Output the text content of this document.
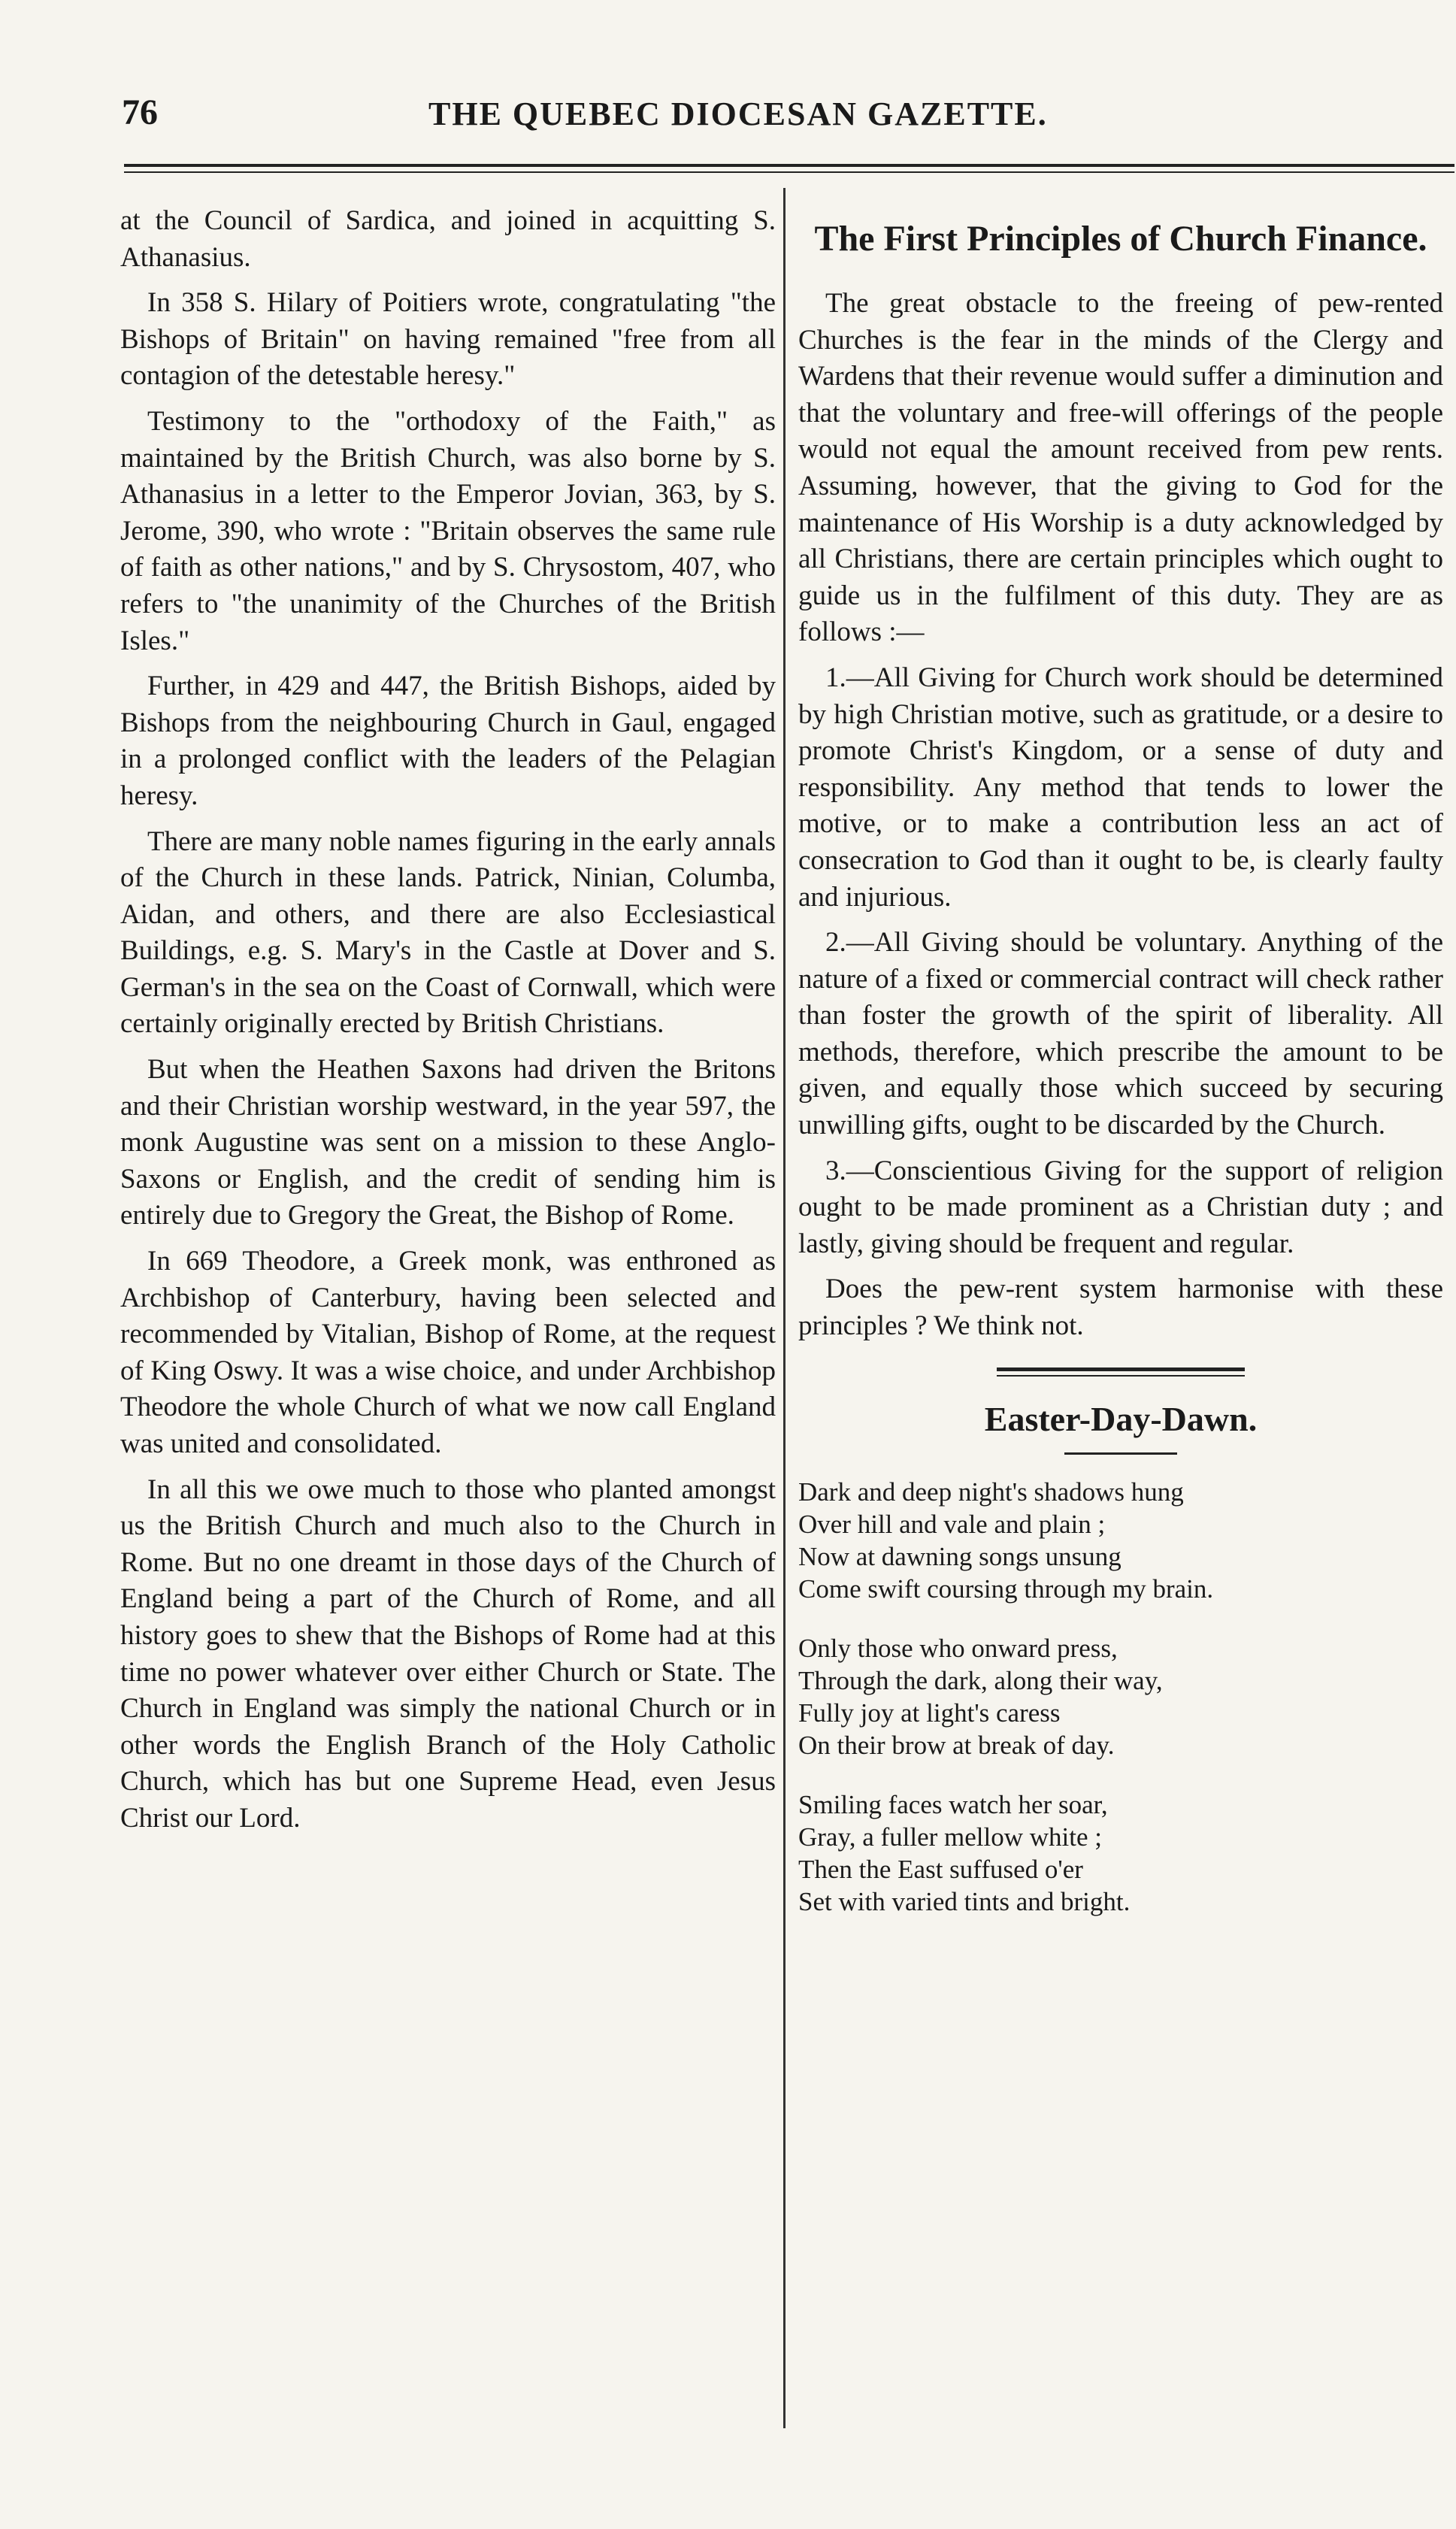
76	THE QUEBEC DIOCESAN GAZETTE.

at the Council of Sardica, and joined in acquitting S. Athanasius.

In 358 S. Hilary of Poitiers wrote, congratulating "the Bishops of Britain" on having remained "free from all contagion of the detestable heresy."

Testimony to the "orthodoxy of the Faith," as maintained by the British Church, was also borne by S. Athanasius in a letter to the Emperor Jovian, 363, by S. Jerome, 390, who wrote : "Britain observes the same rule of faith as other nations," and by S. Chrysostom, 407, who refers to "the unanimity of the Churches of the British Isles."

Further, in 429 and 447, the British Bishops, aided by Bishops from the neighbouring Church in Gaul, engaged in a prolonged conflict with the leaders of the Pelagian heresy.

There are many noble names figuring in the early annals of the Church in these lands. Patrick, Ninian, Columba, Aidan, and others, and there are also Ecclesiastical Buildings, e.g. S. Mary's in the Castle at Dover and S. German's in the sea on the Coast of Cornwall, which were certainly originally erected by British Christians.

But when the Heathen Saxons had driven the Britons and their Christian worship westward, in the year 597, the monk Augustine was sent on a mission to these Anglo-Saxons or English, and the credit of sending him is entirely due to Gregory the Great, the Bishop of Rome.

In 669 Theodore, a Greek monk, was enthroned as Archbishop of Canterbury, having been selected and recommended by Vitalian, Bishop of Rome, at the request of King Oswy. It was a wise choice, and under Archbishop Theodore the whole Church of what we now call England was united and consolidated.

In all this we owe much to those who planted amongst us the British Church and much also to the Church in Rome. But no one dreamt in those days of the Church of England being a part of the Church of Rome, and all history goes to shew that the Bishops of Rome had at this time no power whatever over either Church or State. The Church in England was simply the national Church or in other words the English Branch of the Holy Catholic Church, which has but one Supreme Head, even Jesus Christ our Lord.

The First Principles of Church Finance.

The great obstacle to the freeing of pew-rented Churches is the fear in the minds of the Clergy and Wardens that their revenue would suffer a diminution and that the voluntary and free-will offerings of the people would not equal the amount received from pew rents. Assuming, however, that the giving to God for the maintenance of His Worship is a duty acknowledged by all Christians, there are certain principles which ought to guide us in the fulfilment of this duty. They are as follows :—

1.—All Giving for Church work should be determined by high Christian motive, such as gratitude, or a desire to promote Christ's Kingdom, or a sense of duty and responsibility. Any method that tends to lower the motive, or to make a contribution less an act of consecration to God than it ought to be, is clearly faulty and injurious.

2.—All Giving should be voluntary. Anything of the nature of a fixed or commercial contract will check rather than foster the growth of the spirit of liberality. All methods, therefore, which prescribe the amount to be given, and equally those which succeed by securing unwilling gifts, ought to be discarded by the Church.

3.—Conscientious Giving for the support of religion ought to be made prominent as a Christian duty ; and lastly, giving should be frequent and regular.

Does the pew-rent system harmonise with these principles ? We think not.

Easter-Day-Dawn.
Dark and deep night's shadows hung
Over hill and vale and plain ;
Now at dawning songs unsung
Come swift coursing through my brain.
Only those who onward press,
Through the dark, along their way,
Fully joy at light's caress
On their brow at break of day.
Smiling faces watch her soar,
Gray, a fuller mellow white ;
Then the East suffused o'er
Set with varied tints and bright.
